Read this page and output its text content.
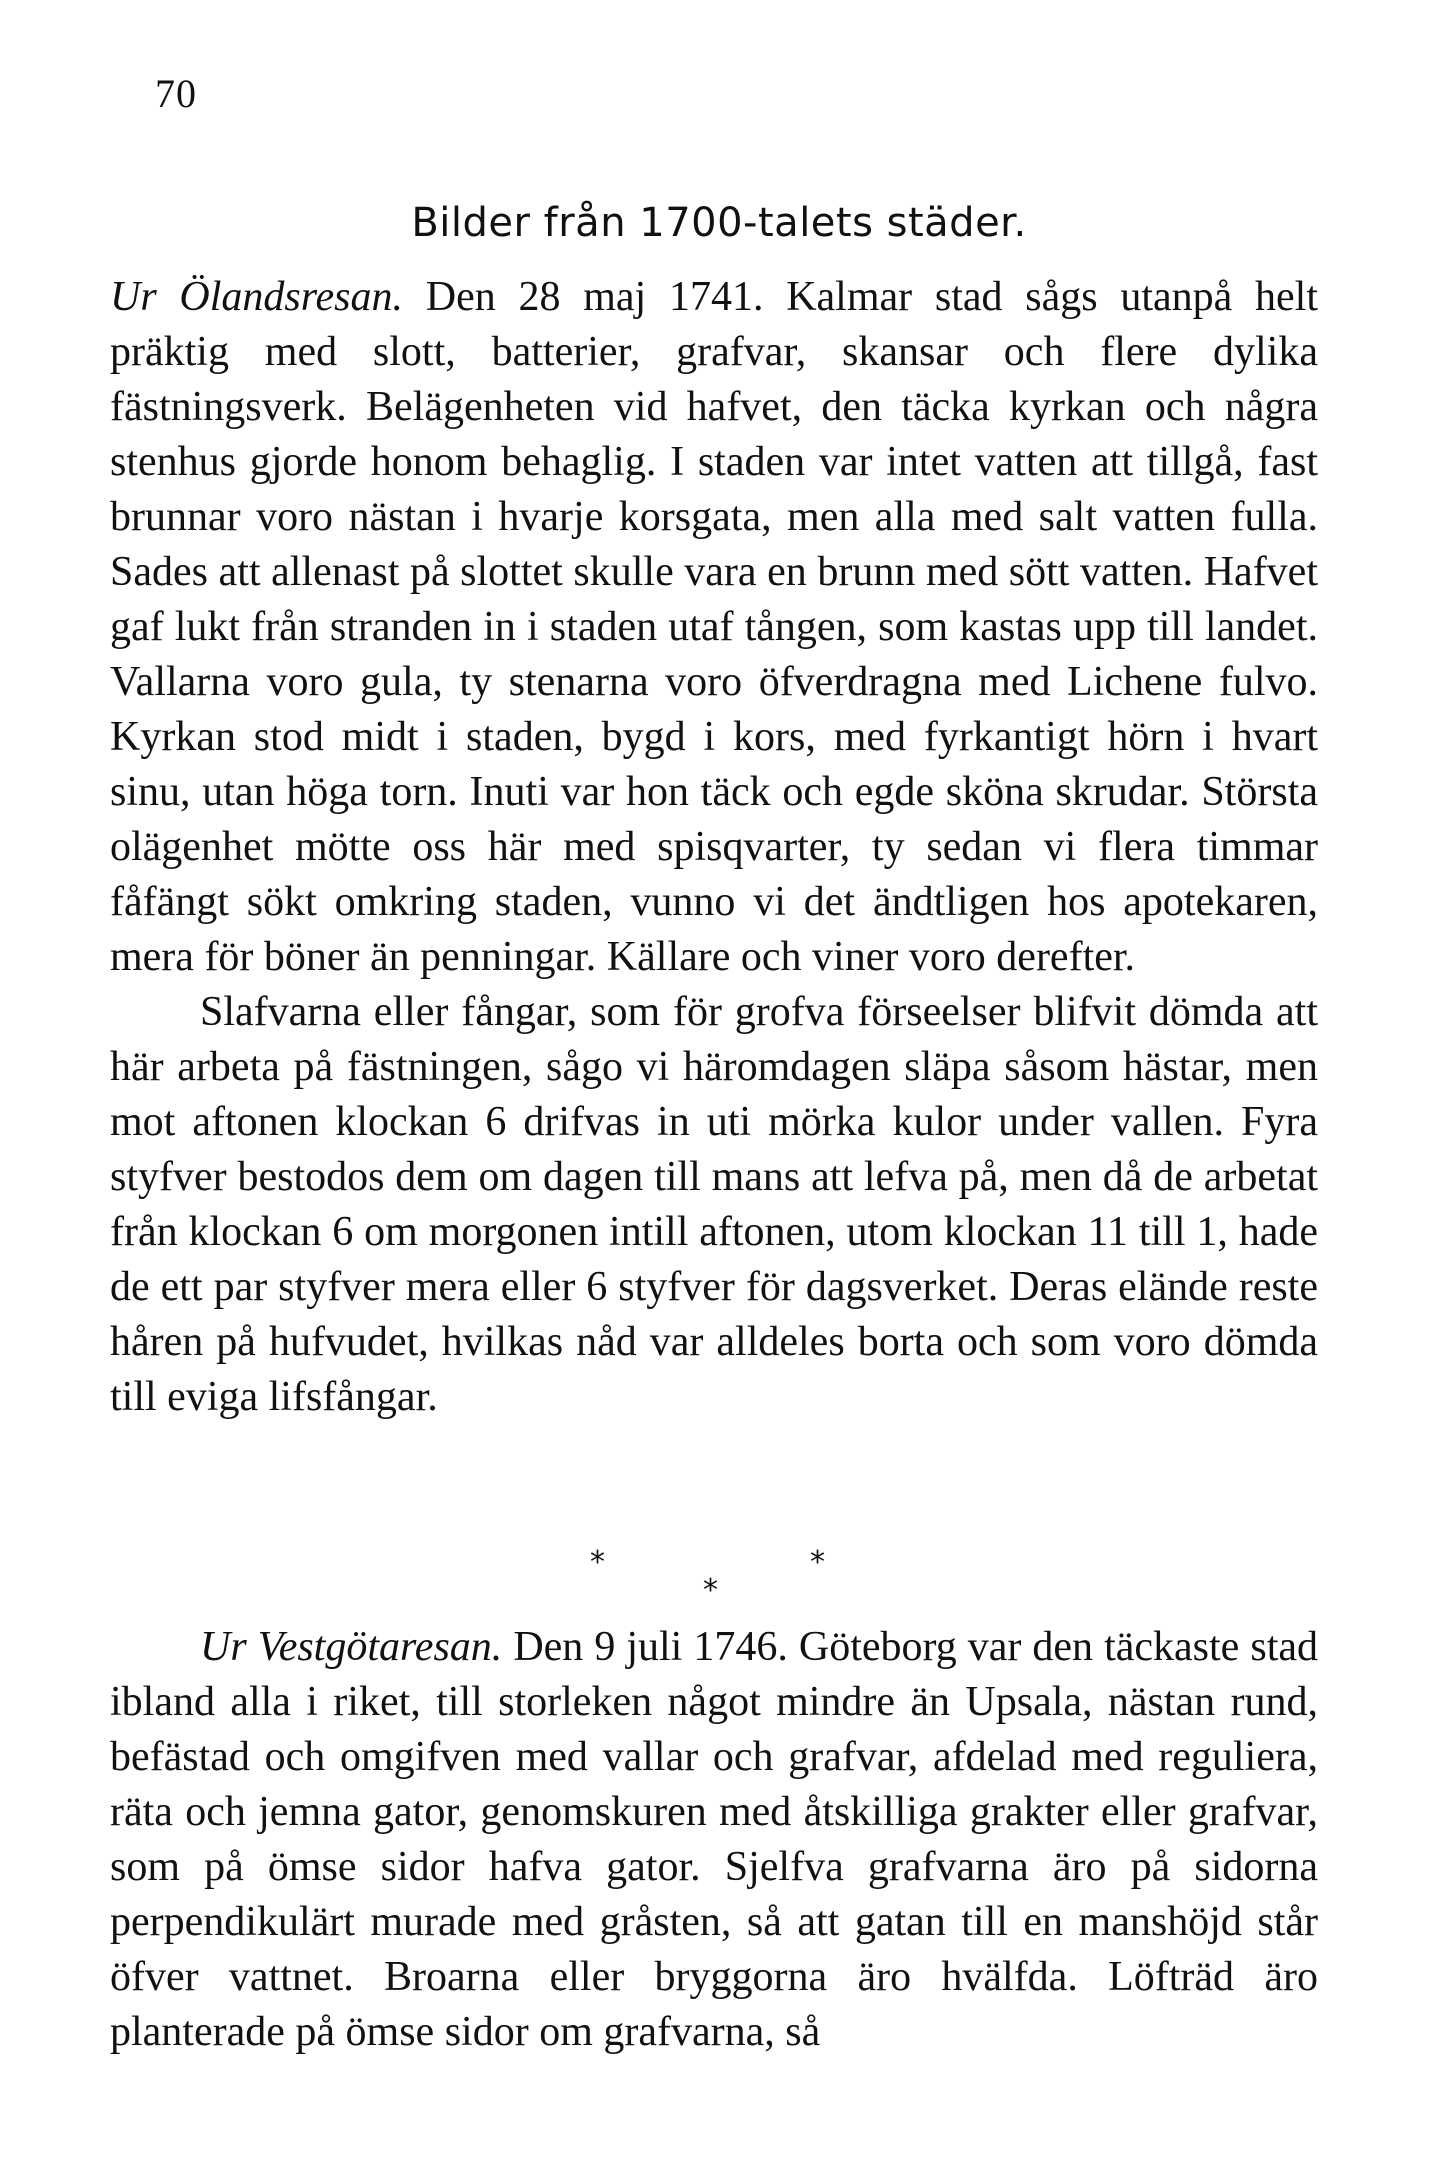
70
Bilder från 1700-talets städer.

Ur Ölandsresan. Den 28 maj 1741. Kalmar stad sågs utanpå helt präktig med slott, batterier, grafvar, skansar och flere dylika fästningsverk. Belägenheten vid hafvet, den täcka kyrkan och några stenhus gjorde honom behaglig. I staden var intet vatten att tillgå, fast brunnar voro nästan i hvarje korsgata, men alla med salt vatten fulla. Sades att allenast på slottet skulle vara en brunn med sött vatten. Hafvet gaf lukt från stranden in i staden utaf tången, som kastas upp till landet. Vallarna voro gula, ty stenarna voro öfverdragna med Lichene fulvo. Kyrkan stod midt i staden, bygd i kors, med fyrkantigt hörn i hvart sinu, utan höga torn. Inuti var hon täck och egde sköna skrudar. Största olägenhet mötte oss här med spisqvarter, ty sedan vi flera timmar fåfängt sökt omkring staden, vunno vi det ändtligen hos apotekaren, mera för böner än penningar. Källare och viner voro derefter.

Slafvarna eller fångar, som för grofva förseelser blifvit dömda att här arbeta på fästningen, sågo vi häromdagen släpa såsom hästar, men mot aftonen klockan 6 drifvas in uti mörka kulor under vallen. Fyra styfver bestodos dem om dagen till mans att lefva på, men då de arbetat från klockan 6 om morgonen intill aftonen, utom klockan 11 till 1, hade de ett par styfver mera eller 6 styfver för dagsverket. Deras elände reste håren på hufvudet, hvilkas nåd var alldeles borta och som voro dömda till eviga lifsfångar.

*	*
*

Ur Vestgötaresan. Den 9 juli 1746. Göteborg var den täckaste stad ibland alla i riket, till storleken något mindre än Upsala, nästan rund, befästad och omgifven med vallar och grafvar, afdelad med reguliera, räta och jemna gator, genomskuren med åtskilliga grakter eller grafvar, som på ömse sidor hafva gator. Sjelfva grafvarna äro på sidorna perpendikulärt murade med gråsten, så att gatan till en manshöjd står öfver vattnet. Broarna eller bryggorna äro hvälfda. Löfträd äro planterade på ömse sidor om grafvarna, så
